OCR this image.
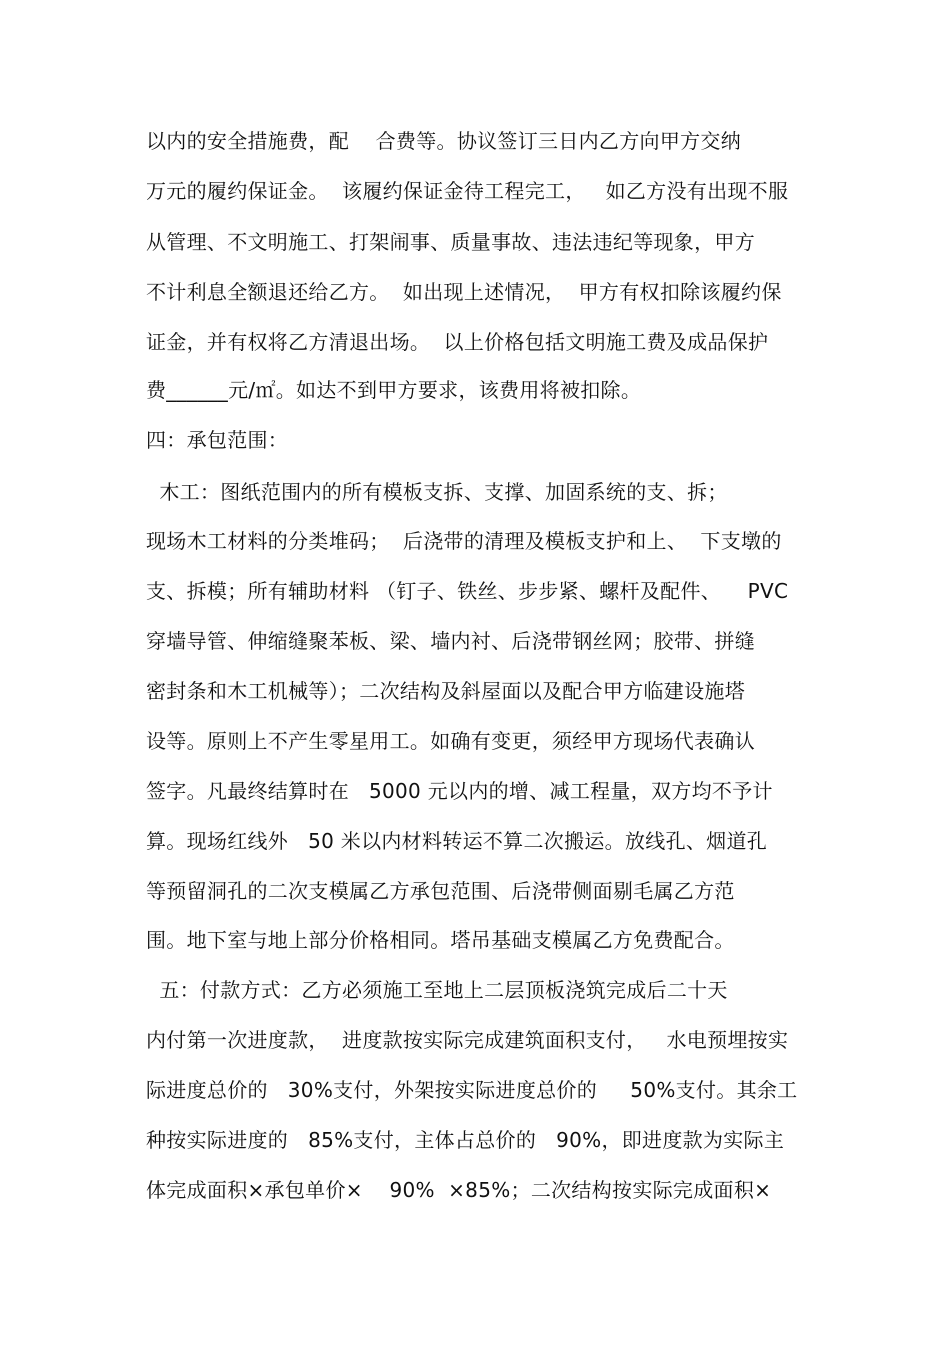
以内的安全措施费，配    合费等。协议签订三日内乙方向甲方交纳
万元的履约保证金。  该履约保证金待工程完工，   如乙方没有出现不服
从管理、不文明施工、打架闹事、质量事故、违法违纪等现象，甲方
不计利息全额退还给乙方。  如出现上述情况，  甲方有权扣除该履约保
证金，并有权将乙方清退出场。  以上价格包括文明施工费及成品保护
费______元/㎡。如达不到甲方要求，该费用将被扣除。
四：承包范围：
木工：图纸范围内的所有模板支拆、支撑、加固系统的支、拆；
现场木工材料的分类堆码；  后浇带的清理及模板支护和上、  下支墩的
支、拆模；所有辅助材料 （钉子、铁丝、步步紧、螺杆及配件、    PVC
穿墙导管、伸缩缝聚苯板、梁、墙内衬、后浇带钢丝网；胶带、拼缝
密封条和木工机械等）；二次结构及斜屋面以及配合甲方临建设施塔
设等。原则上不产生零星用工。如确有变更，须经甲方现场代表确认
签字。凡最终结算时在   5000 元以内的增、减工程量，双方均不予计
算。现场红线外   50 米以内材料转运不算二次搬运。放线孔、烟道孔
等预留洞孔的二次支模属乙方承包范围、后浇带侧面剔毛属乙方范
围。地下室与地上部分价格相同。塔吊基础支模属乙方免费配合。
五：付款方式：乙方必须施工至地上二层顶板浇筑完成后二十天
内付第一次进度款，  进度款按实际完成建筑面积支付，   水电预埋按实
际进度总价的   30%支付，外架按实际进度总价的     50%支付。其余工
种按实际进度的   85%支付，主体占总价的   90%，即进度款为实际主
体完成面积×承包单价×    90%  ×85%；二次结构按实际完成面积×
